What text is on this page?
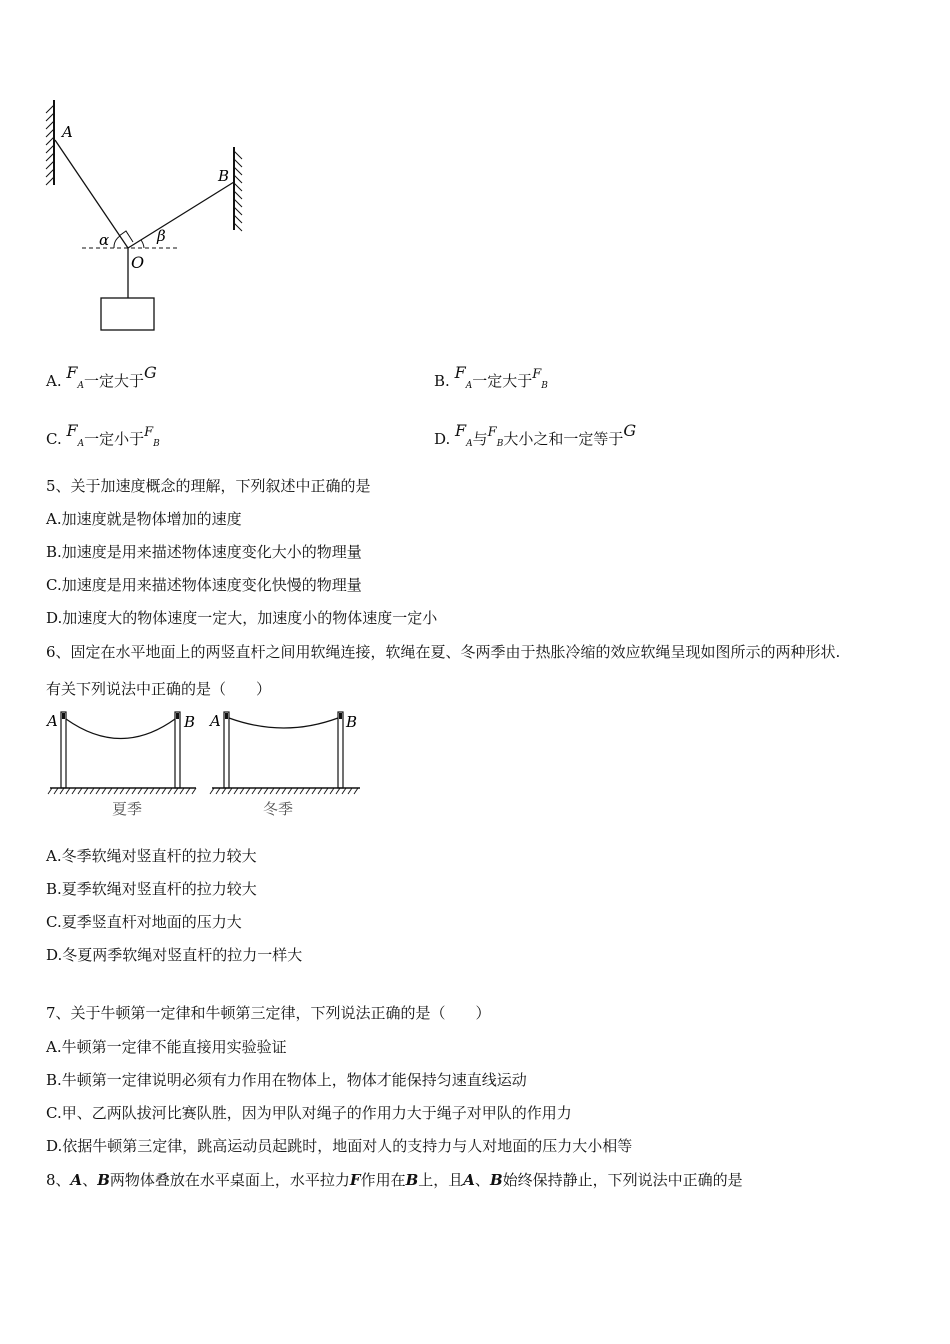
A
B
α	β
O
A. FA一定大于G	B. FA一定大于FB
C. FA一定小于FB	D. FA与FB大小之和一定等于G
5、关于加速度概念的理解，下列叙述中正确的是
A.加速度就是物体增加的速度
B.加速度是用来描述物体速度变化大小的物理量
C.加速度是用来描述物体速度变化快慢的物理量
D.加速度大的物体速度一定大，加速度小的物体速度一定小
6、固定在水平地面上的两竖直杆之间用软绳连接，软绳在夏、冬两季由于热胀冷缩的效应软绳呈现如图所示的两种形状.
有关下列说法中正确的是（　　）
A	B
夏季
A	B
冬季
A.冬季软绳对竖直杆的拉力较大
B.夏季软绳对竖直杆的拉力较大
C.夏季竖直杆对地面的压力大
D.冬夏两季软绳对竖直杆的拉力一样大
7、关于牛顿第一定律和牛顿第三定律，下列说法正确的是（　　）
A.牛顿第一定律不能直接用实验验证
B.牛顿第一定律说明必须有力作用在物体上，物体才能保持匀速直线运动
C.甲、乙两队拔河比赛队胜，因为甲队对绳子的作用力大于绳子对甲队的作用力
D.依据牛顿第三定律，跳高运动员起跳时，地面对人的支持力与人对地面的压力大小相等
8、A、B两物体叠放在水平桌面上，水平拉力F作用在B上，且A、B始终保持静止，下列说法中正确的是
